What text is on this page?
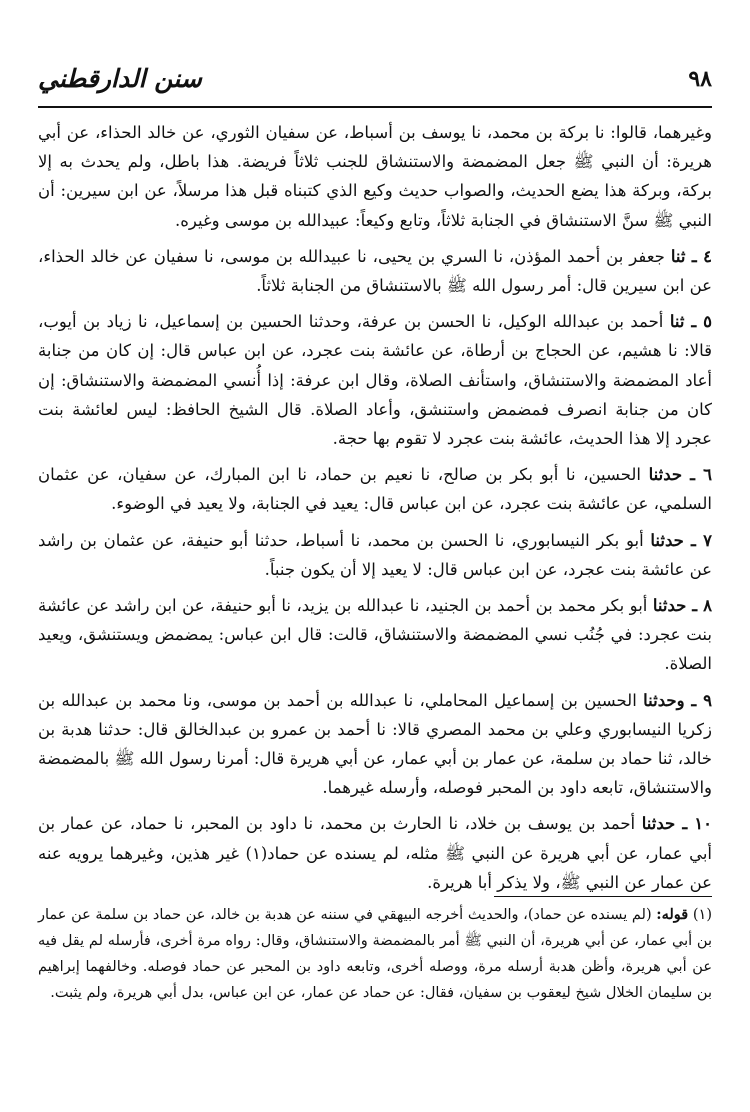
٩٨
سنن الدارقطني

وغيرهما، قالوا: نا بركة بن محمد، نا يوسف بن أسباط، عن سفيان الثوري، عن خالد الحذاء، عن أبي هريرة: أن النبي ﷺ جعل المضمضة والاستنشاق للجنب ثلاثاً فريضة. هذا باطل، ولم يحدث به إلا بركة، وبركة هذا يضع الحديث، والصواب حديث وكيع الذي كتبناه قبل هذا مرسلاً، عن ابن سيرين: أن النبي ﷺ سنَّ الاستنشاق في الجنابة ثلاثاً، وتابع وكيعاً: عبيدالله بن موسى وغيره.

٤ ـ ثنا جعفر بن أحمد المؤذن، نا السري بن يحيى، نا عبيدالله بن موسى، نا سفيان عن خالد الحذاء، عن ابن سيرين قال: أمر رسول الله ﷺ بالاستنشاق من الجنابة ثلاثاً.

٥ ـ ثنا أحمد بن عبدالله الوكيل، نا الحسن بن عرفة، وحدثنا الحسين بن إسماعيل، نا زياد بن أيوب، قالا: نا هشيم، عن الحجاج بن أرطاة، عن عائشة بنت عجرد، عن ابن عباس قال: إن كان من جنابة أعاد المضمضة والاستنشاق، واستأنف الصلاة، وقال ابن عرفة: إذا أُنسي المضمضة والاستنشاق: إن كان من جنابة انصرف فمضمض واستنشق، وأعاد الصلاة. قال الشيخ الحافظ: ليس لعائشة بنت عجرد إلا هذا الحديث، عائشة بنت عجرد لا تقوم بها حجة.

٦ ـ حدثنا الحسين، نا أبو بكر بن صالح، نا نعيم بن حماد، نا ابن المبارك، عن سفيان، عن عثمان السلمي، عن عائشة بنت عجرد، عن ابن عباس قال: يعيد في الجنابة، ولا يعيد في الوضوء.

٧ ـ حدثنا أبو بكر النيسابوري، نا الحسن بن محمد، نا أسباط، حدثنا أبو حنيفة، عن عثمان بن راشد عن عائشة بنت عجرد، عن ابن عباس قال: لا يعيد إلا أن يكون جنباً.

٨ ـ حدثنا أبو بكر محمد بن أحمد بن الجنيد، نا عبدالله بن يزيد، نا أبو حنيفة، عن ابن راشد عن عائشة بنت عجرد: في جُنُب نسي المضمضة والاستنشاق، قالت: قال ابن عباس: يمضمض ويستنشق، ويعيد الصلاة.

٩ ـ وحدثنا الحسين بن إسماعيل المحاملي، نا عبدالله بن أحمد بن موسى، ونا محمد بن عبدالله بن زكريا النيسابوري وعلي بن محمد المصري قالا: نا أحمد بن عمرو بن عبدالخالق قال: حدثنا هدبة بن خالد، ثنا حماد بن سلمة، عن عمار بن أبي عمار، عن أبي هريرة قال: أمرنا رسول الله ﷺ بالمضمضة والاستنشاق، تابعه داود بن المحبر فوصله، وأرسله غيرهما.

١٠ ـ حدثنا أحمد بن يوسف بن خلاد، نا الحارث بن محمد، نا داود بن المحبر، نا حماد، عن عمار بن أبي عمار، عن أبي هريرة عن النبي ﷺ مثله، لم يسنده عن حماد(١) غير هذين، وغيرهما يرويه عنه عن عمار عن النبي ﷺ، ولا يذكر أبا هريرة.

(١) قوله: (لم يسنده عن حماد)، والحديث أخرجه البيهقي في سننه عن هدبة بن خالد، عن حماد بن سلمة عن عمار بن أبي عمار، عن أبي هريرة، أن النبي ﷺ أمر بالمضمضة والاستنشاق، وقال: رواه مرة أخرى، فأرسله لم يقل فيه عن أبي هريرة، وأظن هدبة أرسله مرة، ووصله أخرى، وتابعه داود بن المحبر عن حماد فوصله. وخالفهما إبراهيم بن سليمان الخلال شيخ ليعقوب بن سفيان، فقال: عن حماد عن عمار، عن ابن عباس، بدل أبي هريرة، ولم يثبت.
